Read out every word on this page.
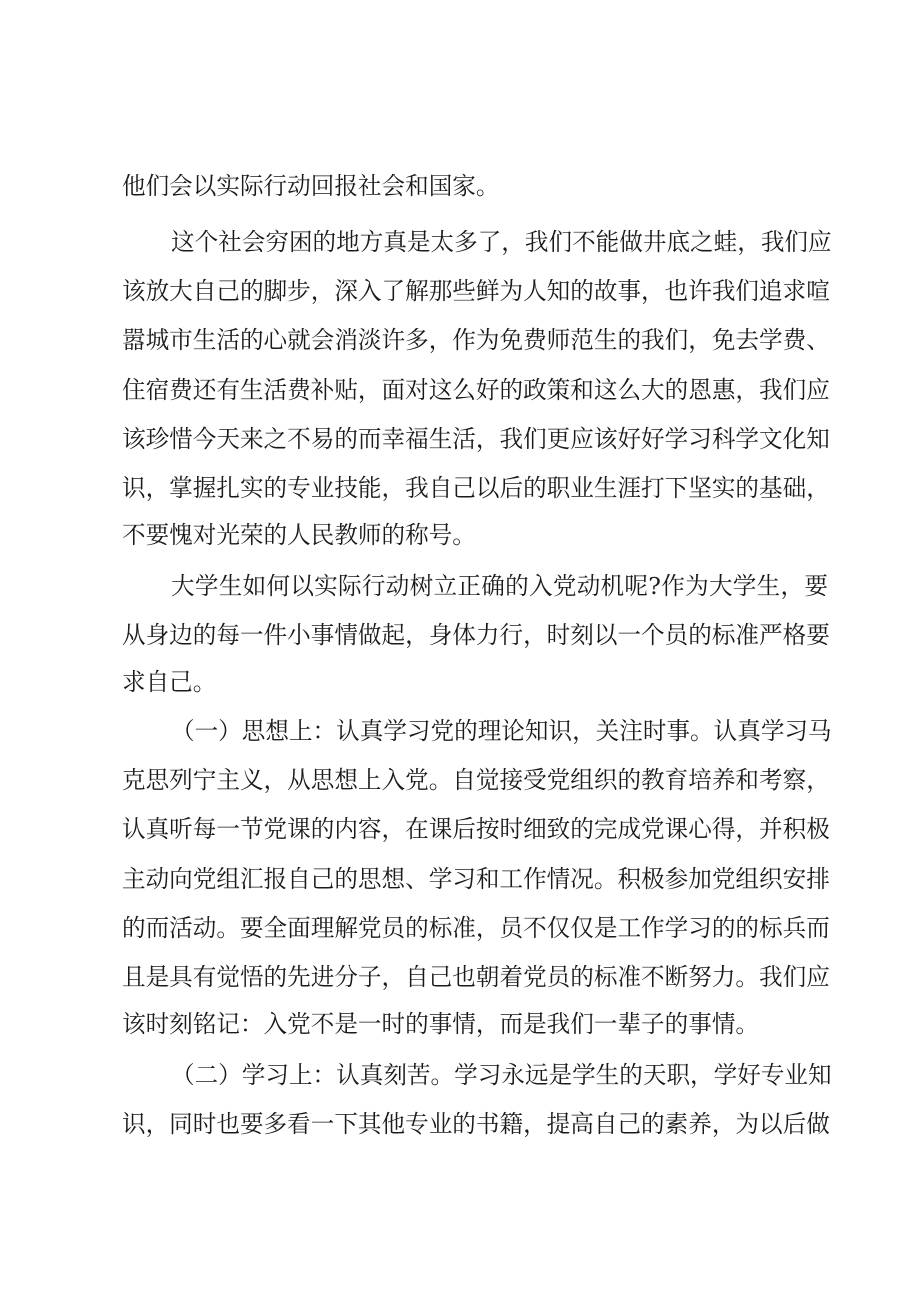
他们会以实际行动回报社会和国家。

这个社会穷困的地方真是太多了，我们不能做井底之蛙，我们应

该放大自己的脚步，深入了解那些鲜为人知的故事，也许我们追求喧

嚣城市生活的心就会消淡许多，作为免费师范生的我们，免去学费、

住宿费还有生活费补贴，面对这么好的政策和这么大的恩惠，我们应

该珍惜今天来之不易的而幸福生活，我们更应该好好学习科学文化知

识，掌握扎实的专业技能，我自己以后的职业生涯打下坚实的基础，

不要愧对光荣的人民教师的称号。

大学生如何以实际行动树立正确的入党动机呢?作为大学生，要

从身边的每一件小事情做起，身体力行，时刻以一个员的标准严格要

求自己。

（一）思想上：认真学习党的理论知识，关注时事。认真学习马

克思列宁主义，从思想上入党。自觉接受党组织的教育培养和考察，

认真听每一节党课的内容，在课后按时细致的完成党课心得，并积极

主动向党组汇报自己的思想、学习和工作情况。积极参加党组织安排

的而活动。要全面理解党员的标准，员不仅仅是工作学习的的标兵而

且是具有觉悟的先进分子，自己也朝着党员的标准不断努力。我们应

该时刻铭记：入党不是一时的事情，而是我们一辈子的事情。

（二）学习上：认真刻苦。学习永远是学生的天职，学好专业知

识，同时也要多看一下其他专业的书籍，提高自己的素养，为以后做
